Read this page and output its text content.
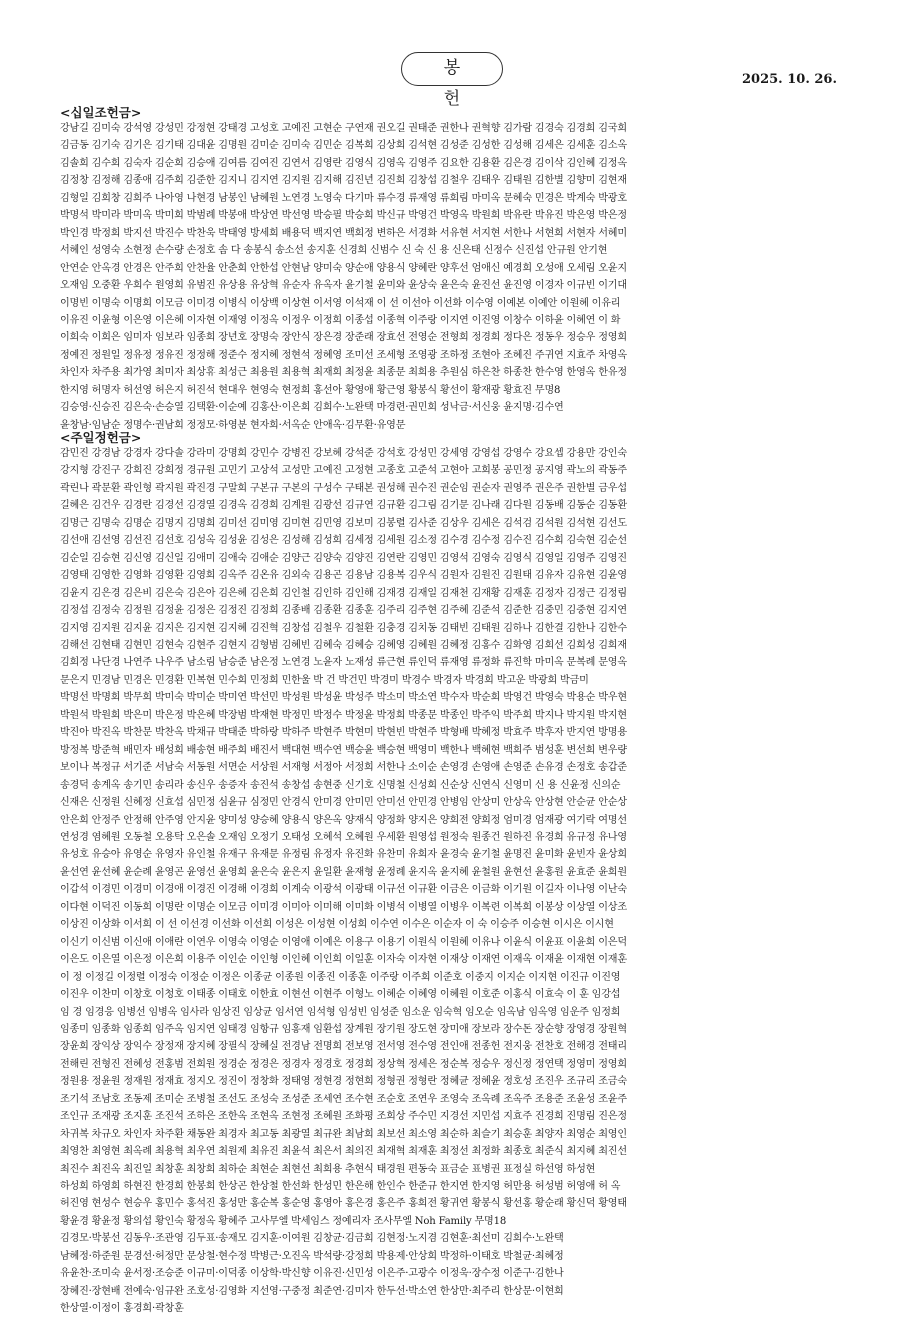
봉 헌
2025. 10. 26.
<십일조헌금>
강남길 김미숙 강석영 강성민 강정현 강태경 고성호 고예진 고현순 구연재 권오길 권태준 권한나 권혁향 김가람 김경숙 김경희 김국희
김금동 김기숙 김기은 김기태 김대윤 김명원 김미순 김미숙 김민순 김복희 김상희 김석현 김성준 김성한 김성해 김세은 김세훈 김소옥
김솔희 김수희 김숙자 김순희 김승애 김여름 김여진 김연서 김영란 김영식 김영옥 김영주 김요한 김용환 김은경 김이삭 김인혜 김정옥
김정창 김정해 김종애 김주희 김준한 김지니 김지연 김지원 김지해 김진년 김진희 김창섭 김철우 김태우 김태원 김한별 김향미 김현재
김형일 김희창 김희주 나아영 나현경 남봉인 남혜원 노연경 노영숙 다기마 류수경 류재영 류희림 마미옥 문혜숙 민경은 박계숙 박광호
박명석 박미라 박미옥 박미희 박범례 박봉애 박상연 박선영 박승필 박승희 박신규 박영건 박영옥 박원희 박유란 박유진 박은영 박은정
박인경 박정희 박지선 박진수 박찬욱 박태영 방세희 배용덕 백지연 백희정 변하은 서경화 서유현 서지현 서한나 서현희 서현자 서혜미
서혜인 성영숙 소현정 손수량 손정호 솜 다 송봉식 송소선 송지훈 신경희 신범수 신 숙 신 용 신은태 신정수 신진섭 안규원 안기현
안연순 안옥경 안경은 안주희 안찬율 안춘희 안한섭 안현남 양미숙 양순애 양용식 양혜란 양후선 엄애신 예경희 오성애 오세림 오윤지
오재임 오중환 우희수 원영희 유범진 유상용 유상혁 유순자 유옥자 윤기철 윤미와 윤상숙 윤은숙 윤진선 윤진영 이경자 이규빈 이기대
이명빈 이명숙 이명희 이모금 이미경 이병식 이상백 이상현 이서영 이석재 이 선 이선아 이선화 이수영 이예본 이예안 이원혜 이유리
이유진 이윤형 이은영 이은혜 이자현 이재영 이정옥 이정우 이정희 이종섭 이종혁 이주랑 이지연 이진영 이창수 이하윤 이혜연 이 화
이희숙 이희은 임미자 임보라 임종희 장년호 장명숙 장안식 장은경 장준래 장효선 전영순 전형희 정경희 정다은 정동우 정승우 정영희
정예진 정원일 정유정 정유진 정정해 정준수 정지혜 정현석 정혜영 조미선 조세형 조영광 조하정 조현아 조혜진 주귀연 지효주 차영옥
차인자 차주용 최가영 최미자 최상휴 최성근 최용원 최용혁 최재희 최정윤 최종문 최희용 추원심 하은찬 하종찬 한수영 한영옥 한유정
한지영 허명자 허선영 허은지 허진석 현대우 현영숙 현정희 홍선아 황영애 황근영 황봉식 황선이 황재광 황효진 무명8
김승영·신승진 김은숙·손승열 김택환·이순예 김홍산·이은희 김희수·노완택 마경련·권민희 성낙금·서신웅 윤지명·김수연
윤창남·임남순 정명수·권남희 정정모·하영분 현자희·서옥순 안애옥·김무환·유영문
<주일정헌금>
감민진 강경남 강경자 강다솔 강라미 강명희 강민수 강병진 강보혜 강석준 강석호 강성민 강세영 강영섭 강영수 강요셉 강용만 강인숙
강지형 강진구 강희진 강희정 경규원 고민기 고상석 고성만 고예진 고정현 고종호 고준석 고현아 고희봉 공민정 공지영 곽노의 곽동주
곽린나 곽문환 곽인형 곽지원 곽진경 구말희 구본규 구본의 구성수 구태본 권성해 권수진 권순임 권순자 권영주 권은주 권한별 금우섭
길혜은 김건우 김경란 김경선 김경열 김경옥 김경희 김계원 김광선 김규연 김규환 김그림 김기문 김나래 김다원 김동배 김동순 김동환
김명근 김명숙 김명순 김명지 김명희 김미선 김미영 김미현 김민영 김보미 김봉렬 김사준 김상우 김세은 김석검 김석원 김석현 김선도
김선애 김선영 김선진 김선호 김성옥 김성윤 김성은 김성해 김성희 김세정 김세원 김소정 김수경 김수정 김수진 김수희 김숙현 김순선
김순일 김승현 김신영 김신일 김애미 김애숙 김애순 김양근 김양숙 김양진 김연란 김영민 김영석 김영숙 김영식 김영일 김영주 김영진
김영태 김영한 김영화 김영환 김영희 김옥주 김온유 김외숙 김용곤 김용남 김용복 김우식 김원자 김원진 김원태 김유자 김유현 김윤영
김윤지 김은경 김은비 김은숙 김은아 김은혜 김은희 김인철 김인하 김인해 김재경 김재일 김재천 김재황 김재훈 김정자 김정근 김정림
김정섭 김정숙 김정원 김정윤 김정은 김정진 김정희 김종배 김종환 김종훈 김주리 김주현 김주혜 김준석 김준한 김중민 김중현 김지연
김지영 김지원 김지윤 김지은 김지현 김지혜 김진혁 김창섭 김철우 김철환 김충경 김치동 김태빈 김태원 김하나 김한결 김한나 김한수
김해선 김현태 김현민 김현숙 김현주 김현지 김형범 김혜빈 김혜숙 김혜승 김혜영 김혜원 김혜정 김홍수 김화영 김희선 김희성 김희재
김희정 나단경 나연주 나우주 남소림 남승준 남은정 노연경 노윤자 노재성 류근현 류인덕 류재영 류정화 류진학 마미옥 문복례 문영옥
문은지 민경남 민경은 민경환 민복현 민수희 민정희 민한울 박 건 박건민 박경미 박경수 박경자 박경희 박고운 박광희 박금미
박명선 박명희 박무희 박미숙 박미순 박미연 박선민 박성원 박성윤 박성주 박소미 박소연 박수자 박순희 박영건 박영숙 박용순 박우현
박원석 박원희 박은미 박은정 박은혜 박장범 박재현 박정민 박정수 박정윤 박정희 박종문 박종인 박주익 박주희 박지나 박지원 박지현
박진아 박진옥 박찬문 박찬옥 박채규 박태준 박하랑 박하주 박현주 박현미 박현빈 박현주 박형배 박혜정 박효주 박후자 반지연 방명용
방정복 방준혁 배민자 배성희 배송현 배주희 배진서 백대현 백수연 백승윤 백승현 백영미 백한나 백혜현 백희주 범성훈 변선희 변우량
보이나 복정규 서기준 서남숙 서동원 서면순 서상원 서재형 서정아 서정희 서한나 소이순 손영경 손영애 손영준 손유경 손정호 송갑준
송경덕 송계옥 송기민 송리라 송신우 송증자 송진석 송창섭 송현중 신기호 신명철 신성희 신순상 신연식 신영미 신 용 신윤정 신의순
신재은 신정원 신혜정 신효섭 심민정 심윤규 심정민 안경식 안미경 안미민 안미선 안민경 안병임 안상미 안상옥 안상현 안순균 안순상
안은희 안정주 안정해 안주영 안지윤 양미성 양승혜 양용식 양은옥 양재식 양정화 양지은 양희전 양희정 엄미경 엄재광 여기락 여명선
연성경 염혜원 오동철 오용탁 오은솔 오재임 오정기 오태성 오혜석 오혜원 우세환 원영섭 원정숙 원종건 원하진 유경희 유규정 유나영
유성호 유승아 유영순 유영자 유인철 유재구 유재문 유정림 유정자 유진화 유찬미 유희자 윤경숙 윤기철 윤명진 윤미화 윤빈자 윤상희
윤선연 윤선혜 윤순례 윤영곤 윤영선 윤영희 윤은숙 윤은지 윤일환 윤재형 윤정례 윤지옥 윤지혜 윤철원 윤현선 윤홍원 윤효준 윤희원
이갑석 이경민 이경미 이경애 이경진 이경해 이경희 이계숙 이광석 이광태 이규선 이규환 이금은 이금화 이기원 이길자 이나영 이난숙
이다현 이덕진 이동희 이명란 이명순 이모금 이미경 이미아 이미해 이미화 이병석 이병열 이병우 이복련 이복희 이봉상 이상열 이상조
이상진 이상화 이서희 이 선 이선경 이선화 이선희 이성은 이성현 이성희 이수연 이수은 이순자 이 숙 이승주 이승현 이시은 이시현
이신기 이신범 이신애 이애란 이연우 이영숙 이영순 이영애 이예은 이용구 이용기 이원식 이원혜 이유나 이윤식 이윤표 이윤희 이은덕
이은도 이은열 이은정 이은희 이용주 이인순 이인형 이인혜 이인희 이일훈 이자숙 이자현 이재상 이재연 이재옥 이재윤 이재현 이재훈
이 정 이정길 이정렬 이정숙 이정순 이정은 이종균 이종원 이종진 이종훈 이주랑 이주희 이준호 이중지 이지순 이지현 이진규 이진영
이진우 이찬미 이창호 이청호 이태종 이태호 이한효 이현선 이현주 이형노 이혜순 이혜영 이혜원 이호준 이홍식 이효숙 이 훈 임강섭
임 경 임경응 임병선 임병옥 임사라 임상진 임상균 임서연 임석형 임성빈 임성준 임소운 임숙혁 임오순 임옥남 임옥영 임운주 임정희
임종미 임종화 임종희 임주옥 임지연 임태경 임항규 임홍재 임환섭 장계원 장기원 장도현 장미애 장보라 장수돈 장순향 장영경 장원혁
장윤희 장익상 장익수 장정재 장지혜 장필식 장혜실 전경남 전명희 전보영 전서영 전수영 전인애 전종헌 전지웅 전찬호 전해경 전태리
전해린 전형진 전혜성 전홍범 전희원 정경순 정경은 정경자 정경호 정경희 정상혁 정세은 정순복 정승우 정신정 정연택 정영미 정영희
정원용 정윤원 정재원 정재효 정지오 정진이 정창화 정태영 정현경 정현희 정형권 정형란 정혜균 정혜윤 정호성 조진우 조규리 조금숙
조기석 조남호 조동제 조미순 조병철 조선도 조성숙 조성준 조세연 조수현 조순호 조연우 조영숙 조옥례 조옥주 조용준 조윤성 조윤주
조인규 조재광 조지훈 조진석 조하은 조한옥 조현옥 조현정 조혜원 조화평 조희상 주수민 지경선 지민섭 지효주 진경희 진명림 진은정
차귀복 차규오 차인자 차주환 채동완 최경자 최고동 최광열 최규완 최남희 최보선 최소영 최순하 최슬기 최승훈 최양자 최영순 최영인
최영찬 최영현 최옥례 최용혁 최우연 최원제 최유진 최윤석 최은서 최의진 최재혁 최재훈 최정선 최정화 최종호 최준식 최지혜 최진선
최진수 최진옥 최진일 최창훈 최창희 최하순 최현순 최현선 최희용 추현식 태경원 편동숙 표금순 표병권 표정실 하선영 하성현
하성희 하영희 하현진 한경희 한봉희 한상곤 한상철 한선화 한성민 한은해 한인수 한준규 한지연 한지영 허만용 허성범 허영애 허 옥
허진영 현성수 현승우 홍민수 홍석진 홍성만 홍순복 홍순영 홍영아 홍은경 홍은주 홍희전 황귀연 황봉식 황선홍 황순래 황신덕 황영태
황윤경 황윤정 황의섭 황인숙 황정옥 황혜주 고사무엘 박세임스 정예리자 조사무엘 Noh Family 무명18
김경모·박봉선 김동우·조관영 김두표·송재모 김지훈·이여원 김창균·김금희 김현정·노지겸 김현훈·최선미 김희수·노완택
남혜정·하준원 문경선·허정만 문상철·현수정 박병근·오진옥 박석량·강정희 박용제·안상희 박정하·이태호 박철균·최혜정
유윤찬·조미숙 윤서정·조승준 이규미·이덕종 이상학·박신향 이유진·신민성 이은주·고광수 이정욱·장수정 이준구·김한나
장혜진·장현배 전예숙·임규완 조호성·김영화 지선영·구중정 최준연·김미자 한두선·박소연 한상만·최주리 한상문·이현희
한상열·이정이 홍경희·곽창훈
